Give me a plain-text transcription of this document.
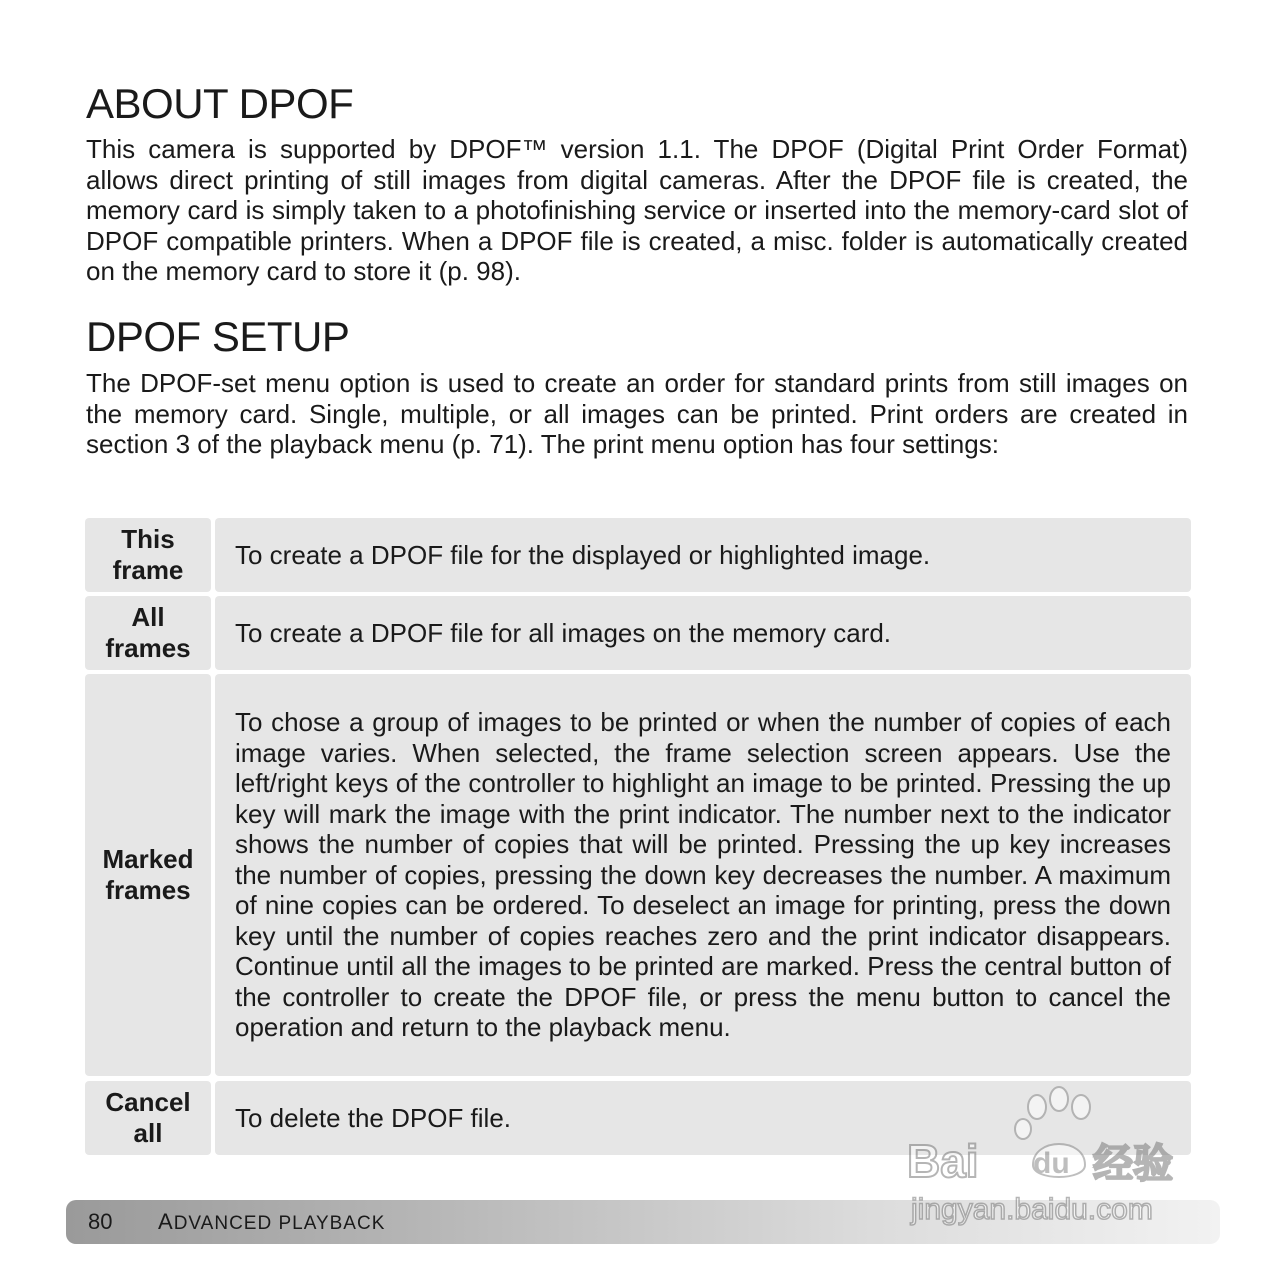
ABOUT DPOF

This camera is supported by DPOF™ version 1.1. The DPOF (Digital Print Order Format) allows direct printing of still images from digital cameras. After the DPOF file is created, the memory card is simply taken to a photofinishing service or inserted into the memory-card slot of DPOF compatible printers. When a DPOF file is created, a misc. folder is automatically created on the memory card to store it (p. 98).

DPOF SETUP

The DPOF-set menu option is used to create an order for standard prints from still images on the memory card. Single, multiple, or all images can be printed. Print orders are created in section 3 of the playback menu (p. 71). The print menu option has four settings:

This
frame
To create a DPOF file for the displayed or highlighted image.
All
frames
To create a DPOF file for all images on the memory card.
Marked
frames
To chose a group of images to be printed or when the number of copies of each image varies. When selected, the frame selection screen appears. Use the left/right keys of the controller to highlight an image to be printed. Pressing the up key will mark the image with the print indicator. The number next to the indicator shows the number of copies that will be printed. Pressing the up key increases the number of copies, pressing the down key decreases the number. A maximum of nine copies can be ordered. To deselect an image for printing, press the down key until the number of copies reaches zero and the print indicator disappears. Continue until all the images to be printed are marked. Press the central button of the controller to create the DPOF file, or press the menu button to cancel the operation and return to the playback menu.
Cancel
all
To delete the DPOF file.
80 ADVANCED PLAYBACK
Bai du 经验
jingyan.baidu.com
